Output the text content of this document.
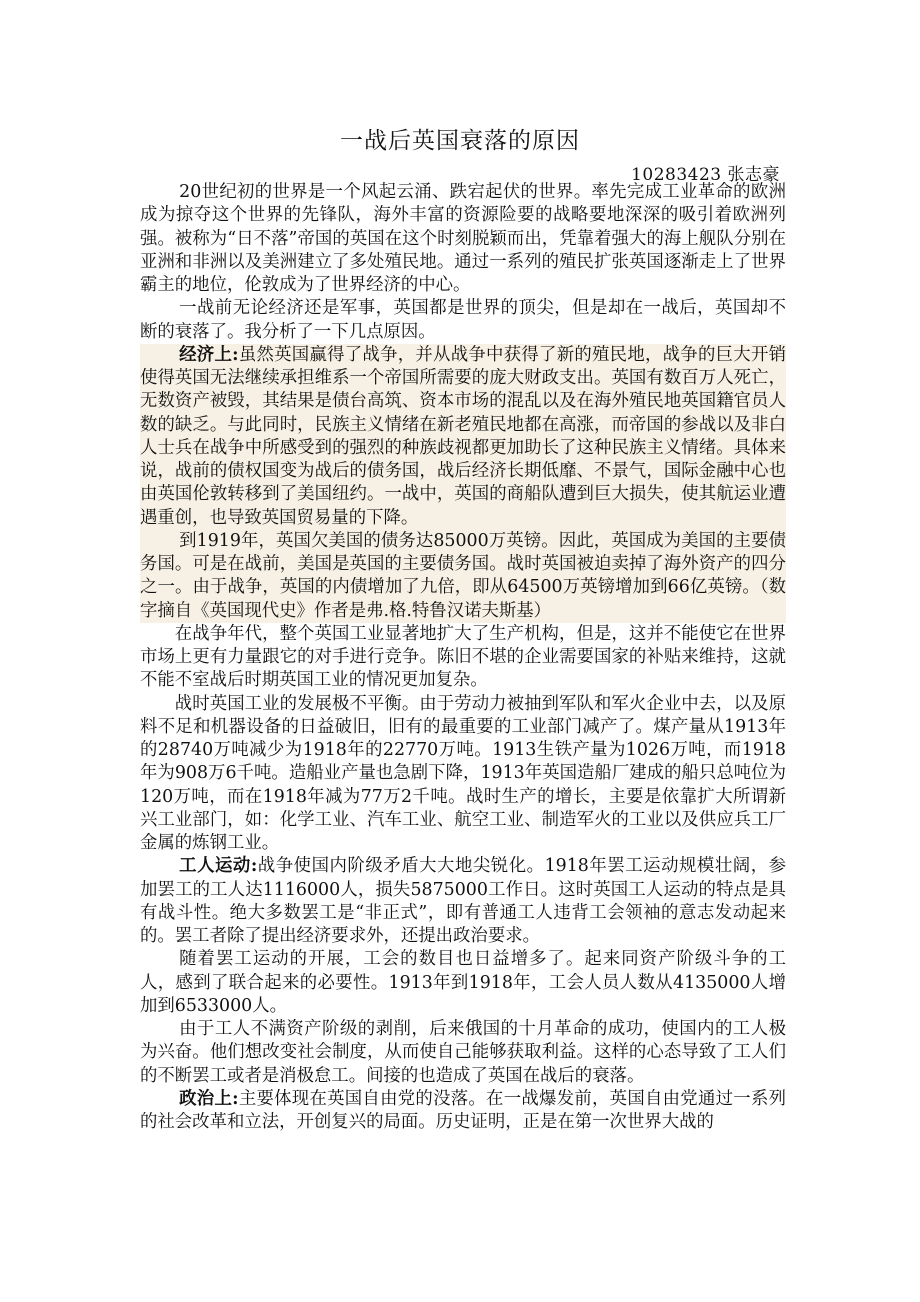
一战后英国衰落的原因
10283423 张志豪

20世纪初的世界是一个风起云涌、跌宕起伏的世界。率先完成工业革命的欧洲成为掠夺这个世界的先锋队，海外丰富的资源险要的战略要地深深的吸引着欧洲列强。被称为“日不落”帝国的英国在这个时刻脱颖而出，凭靠着强大的海上舰队分别在亚洲和非洲以及美洲建立了多处殖民地。通过一系列的殖民扩张英国逐渐走上了世界霸主的地位，伦敦成为了世界经济的中心。

一战前无论经济还是军事，英国都是世界的顶尖，但是却在一战后，英国却不断的衰落了。我分析了一下几点原因。

经济上:虽然英国赢得了战争，并从战争中获得了新的殖民地，战争的巨大开销使得英国无法继续承担维系一个帝国所需要的庞大财政支出。英国有数百万人死亡，无数资产被毁，其结果是债台高筑、资本市场的混乱以及在海外殖民地英国籍官员人数的缺乏。与此同时，民族主义情绪在新老殖民地都在高涨，而帝国的参战以及非白人士兵在战争中所感受到的强烈的种族歧视都更加助长了这种民族主义情绪。具体来说，战前的债权国变为战后的债务国，战后经济长期低靡、不景气，国际金融中心也由英国伦敦转移到了美国纽约。一战中，英国的商船队遭到巨大损失，使其航运业遭遇重创，也导致英国贸易量的下降。

到1919年，英国欠美国的债务达85000万英镑。因此，英国成为美国的主要债务国。可是在战前，美国是英国的主要债务国。战时英国被迫卖掉了海外资产的四分之一。由于战争，英国的内债增加了九倍，即从64500万英镑增加到66亿英镑。（数字摘自《英国现代史》作者是弗.格.特鲁汉诺夫斯基）

在战争年代，整个英国工业显著地扩大了生产机构，但是，这并不能使它在世界市场上更有力量跟它的对手进行竞争。陈旧不堪的企业需要国家的补贴来维持，这就不能不室战后时期英国工业的情况更加复杂。

战时英国工业的发展极不平衡。由于劳动力被抽到军队和军火企业中去，以及原料不足和机器设备的日益破旧，旧有的最重要的工业部门减产了。煤产量从1913年的28740万吨减少为1918年的22770万吨。1913生铁产量为1026万吨，而1918年为908万6千吨。造船业产量也急剧下降，1913年英国造船厂建成的船只总吨位为120万吨，而在1918年减为77万2千吨。战时生产的增长，主要是依靠扩大所谓新兴工业部门，如：化学工业、汽车工业、航空工业、制造军火的工业以及供应兵工厂金属的炼钢工业。

工人运动:战争使国内阶级矛盾大大地尖锐化。1918年罢工运动规模壮阔，参加罢工的工人达1116000人，损失5875000工作日。这时英国工人运动的特点是具有战斗性。绝大多数罢工是“非正式”，即有普通工人违背工会领袖的意志发动起来的。罢工者除了提出经济要求外，还提出政治要求。

随着罢工运动的开展，工会的数目也日益增多了。起来同资产阶级斗争的工人，感到了联合起来的必要性。1913年到1918年，工会人员人数从4135000人增加到6533000人。

由于工人不满资产阶级的剥削，后来俄国的十月革命的成功，使国内的工人极为兴奋。他们想改变社会制度，从而使自己能够获取利益。这样的心态导致了工人们的不断罢工或者是消极怠工。间接的也造成了英国在战后的衰落。

政治上:主要体现在英国自由党的没落。在一战爆发前，英国自由党通过一系列的社会改革和立法，开创复兴的局面。历史证明，正是在第一次世界大战的
